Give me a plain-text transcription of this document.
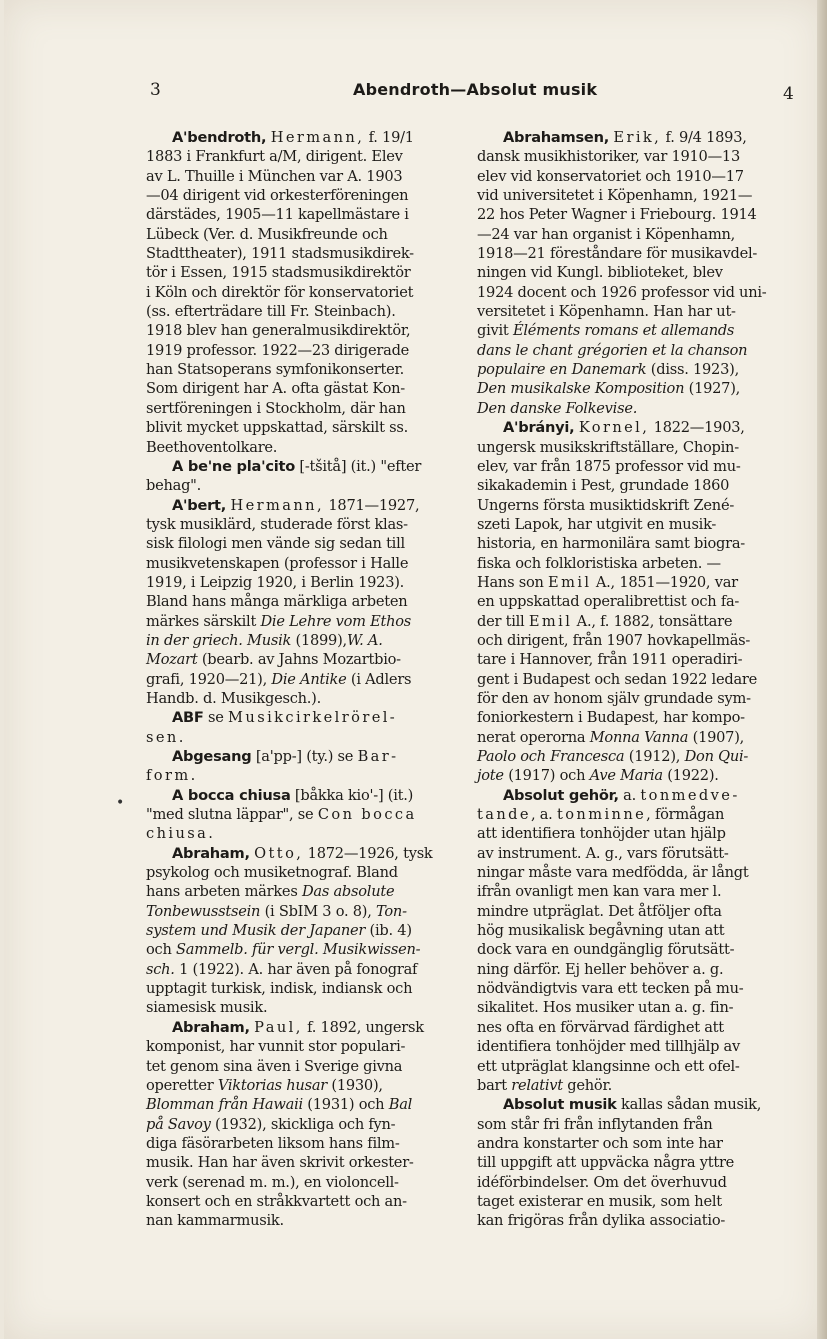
3	Abendroth—Absolut musik	4
•
A'bendroth, Hermann, f. 19/1
1883 i Frankfurt a/M, dirigent. Elev
av L. Thuille i München var A. 1903
—04 dirigent vid orkesterföreningen
därstädes, 1905—11 kapellmästare i
Lübeck (Ver. d. Musikfreunde och
Stadttheater), 1911 stadsmusikdirek-
tör i Essen, 1915 stadsmusikdirektör
i Köln och direktör för konservatoriet
(ss. efterträdare till Fr. Steinbach).
1918 blev han generalmusikdirektör,
1919 professor. 1922—23 dirigerade
han Statsoperans symfonikonserter.
Som dirigent har A. ofta gästat Kon-
sertföreningen i Stockholm, där han
blivit mycket uppskattad, särskilt ss.
Beethoventolkare.
A be'ne pla'cito [-tšitå] (it.) "efter
behag".
A'bert, Hermann, 1871—1927,
tysk musiklärd, studerade först klas-
sisk filologi men vände sig sedan till
musikvetenskapen (professor i Halle
1919, i Leipzig 1920, i Berlin 1923).
Bland hans många märkliga arbeten
märkes särskilt Die Lehre vom Ethos
in der griech. Musik (1899),W. A.
Mozart (bearb. av Jahns Mozartbio-
grafi, 1920—21), Die Antike (i Adlers
Handb. d. Musikgesch.).
ABF se Musikcirkelrörel-
sen.
Abgesang [a'pp-] (ty.) se Bar-
form.
A bocca chiusa [båkka kio'-] (it.)
"med slutna läppar", se Con bocca
chiusa.
Abraham, Otto, 1872—1926, tysk
psykolog och musiketnograf. Bland
hans arbeten märkes Das absolute
Tonbewusstsein (i SbIM 3 o. 8), Ton-
system und Musik der Japaner (ib. 4)
och Sammelb. für vergl. Musikwissen-
sch. 1 (1922). A. har även på fonograf
upptagit turkisk, indisk, indiansk och
siamesisk musik.
Abraham, Paul, f. 1892, ungersk
komponist, har vunnit stor populari-
tet genom sina även i Sverige givna
operetter Viktorias husar (1930),
Blomman från Hawaii (1931) och Bal
på Savoy (1932), skickliga och fyn-
diga fäsörarbeten liksom hans film-
musik. Han har även skrivit orkester-
verk (serenad m. m.), en violoncell-
konsert och en stråkkvartett och an-
nan kammarmusik.
Abrahamsen, Erik, f. 9/4 1893,
dansk musikhistoriker, var 1910—13
elev vid konservatoriet och 1910—17
vid universitetet i Köpenhamn, 1921—
22 hos Peter Wagner i Friebourg. 1914
—24 var han organist i Köpenhamn,
1918—21 föreståndare för musikavdel-
ningen vid Kungl. biblioteket, blev
1924 docent och 1926 professor vid uni-
versitetet i Köpenhamn. Han har ut-
givit Éléments romans et allemands
dans le chant grégorien et la chanson
populaire en Danemark (diss. 1923),
Den musikalske Komposition (1927),
Den danske Folkevise.
A'brányi, Kornel, 1822—1903,
ungersk musikskriftställare, Chopin-
elev, var från 1875 professor vid mu-
sikakademin i Pest, grundade 1860
Ungerns första musiktidskrift Zené-
szeti Lapok, har utgivit en musik-
historia, en harmonilära samt biogra-
fiska och folkloristiska arbeten. —
Hans son Emil A., 1851—1920, var
en uppskattad operalibrettist och fa-
der till Emil A., f. 1882, tonsättare
och dirigent, från 1907 hovkapellmäs-
tare i Hannover, från 1911 operadiri-
gent i Budapest och sedan 1922 ledare
för den av honom själv grundade sym-
foniorkestern i Budapest, har kompo-
nerat operorna Monna Vanna (1907),
Paolo och Francesca (1912), Don Qui-
jote (1917) och Ave Maria (1922).
Absolut gehör, a. tonmedve-
tande, a. tonminne, förmågan
att identifiera tonhöjder utan hjälp
av instrument. A. g., vars förutsätt-
ningar måste vara medfödda, är långt
ifrån ovanligt men kan vara mer l.
mindre utpräglat. Det åtföljer ofta
hög musikalisk begåvning utan att
dock vara en oundgänglig förutsätt-
ning därför. Ej heller behöver a. g.
nödvändigtvis vara ett tecken på mu-
sikalitet. Hos musiker utan a. g. fin-
nes ofta en förvärvad färdighet att
identifiera tonhöjder med tillhjälp av
ett utpräglat klangsinne och ett ofel-
bart relativt gehör.
Absolut musik kallas sådan musik,
som står fri från inflytanden från
andra konstarter och som inte har
till uppgift att uppväcka några yttre
idéförbindelser. Om det överhuvud
taget existerar en musik, som helt
kan frigöras från dylika associatio-
